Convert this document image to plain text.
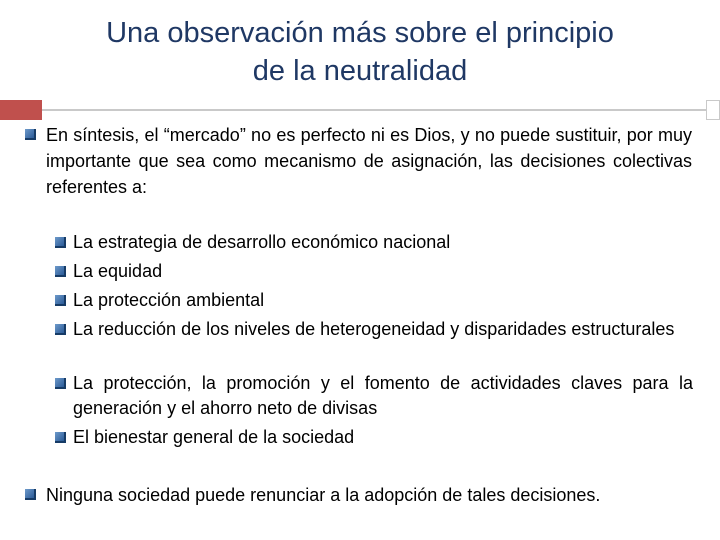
Una observación más sobre el principio
de la neutralidad
En síntesis, el “mercado” no es perfecto ni es Dios, y no puede sustituir, por muy importante que sea como mecanismo de asignación, las decisiones colectivas referentes a:
La estrategia de desarrollo económico nacional
La equidad
La protección ambiental
La reducción de los niveles de heterogeneidad y disparidades estructurales
La protección, la promoción y el fomento de actividades claves para la generación y el ahorro neto de divisas
El bienestar general de la sociedad
Ninguna sociedad puede renunciar a la adopción de tales decisiones.
